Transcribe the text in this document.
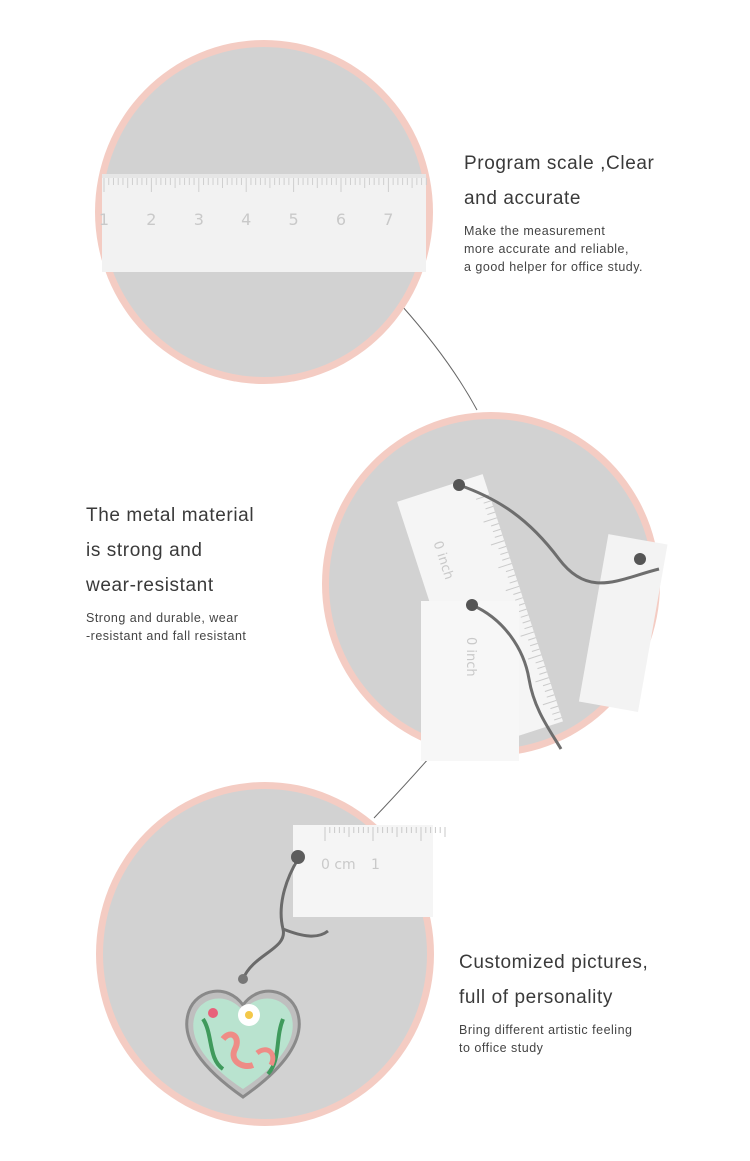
1 2 3 4 5 6 7
0 inch
0 inch
0 cm 1
Program scale ,Clear
and accurate
Make the measurement
more accurate and reliable,
a good helper for office study.
The metal material
is strong and
wear-resistant
Strong and durable, wear
-resistant and fall resistant
Customized pictures,
full of personality
Bring different artistic feeling
to office study
